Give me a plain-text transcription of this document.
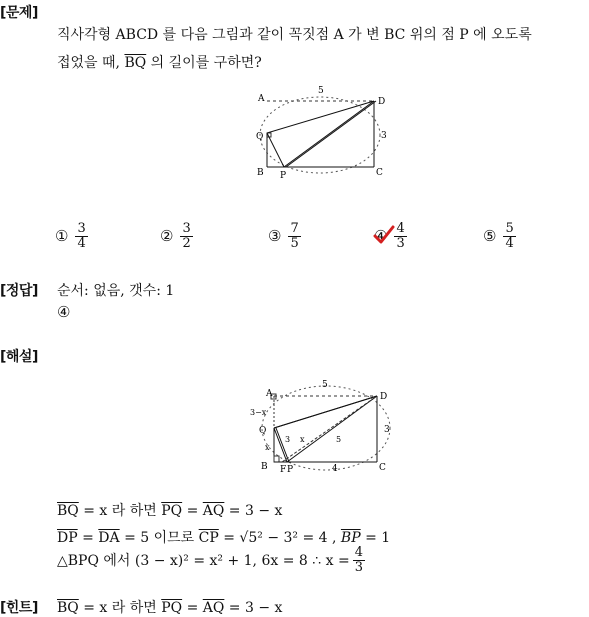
[문제]
직사각형 ABCD 를 다음 그림과 같이 꼭짓점 A 가 변 BC 위의 점 P 에 오도록
접었을 때, $\overline{BQ}$ 의 길이를 구하면?
A	D
Q
B P	C
5
3
① $\frac{3}{4}$	② $\frac{3}{2}$	③ $\frac{7}{5}$	④ $\frac{4}{3}$	⑤ $\frac{5}{4}$
[정답] 순서: 없음, 갯수: 1
④
[해설]
A	D
Q
B F P	C
5
3
4
3−x
x
3 x	5
$\overline{BQ} = x$ 라 하면 $\overline{PQ} = \overline{AQ} = 3 - x$
$\overline{DP} = \overline{DA} = 5$ 이므로 $\overline{CP} = √5^2 - 3^2 = 4$ , $\overline{BP} = 1$
△BPQ 에서 (3 − x)² = x² + 1, 6x = 8 ∴ $x = \frac{4}{3}$
[힌트] $\overline{BQ} = x$ 라 하면 $\overline{PQ} = \overline{AQ} = 3 - x$
